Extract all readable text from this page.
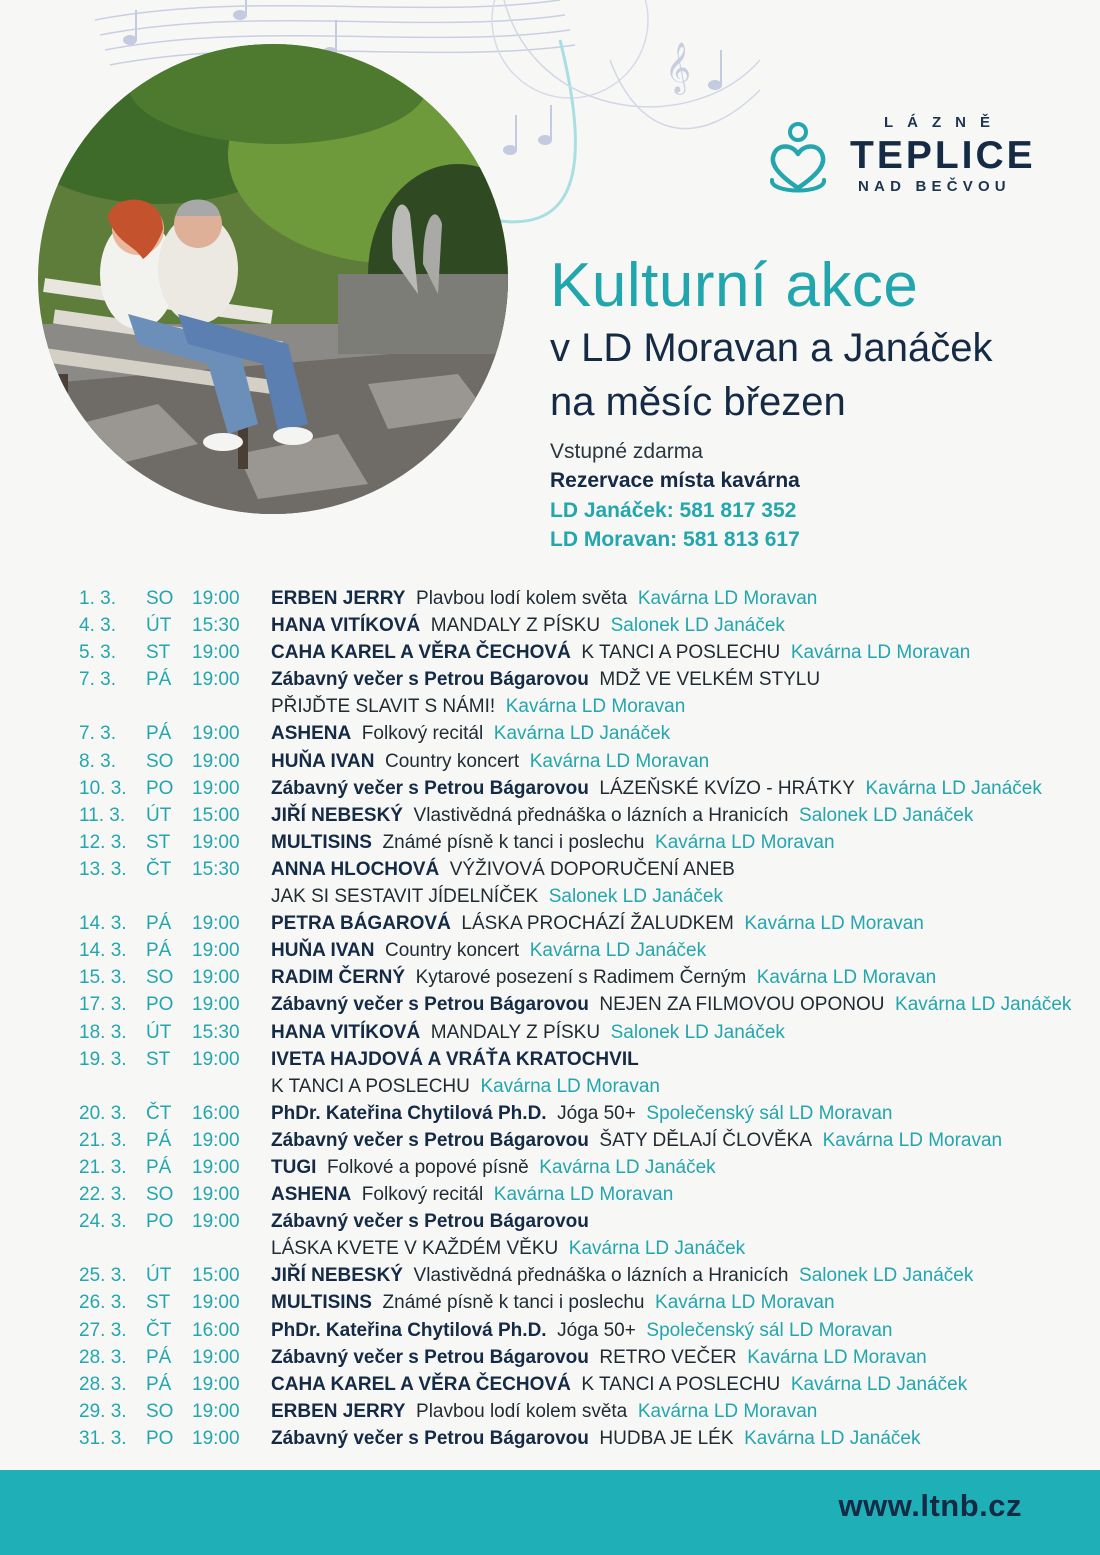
𝄞
LÁZNĚ
TEPLICE
NAD BEČVOU
Kulturní akce
v LD Moravan a Janáček
na měsíc březen
Vstupné zdarma
Rezervace místa kavárna
LD Janáček: 581 817 352
LD Moravan: 581 813 617
1. 3. SO 19:00 ERBEN JERRY Plavbou lodí kolem světa Kavárna LD Moravan
4. 3. ÚT 15:30 HANA VITÍKOVÁ MANDALY Z PÍSKU Salonek LD Janáček
5. 3. ST 19:00 CAHA KAREL A VĚRA ČECHOVÁ K TANCI A POSLECHU Kavárna LD Moravan
7. 3. PÁ 19:00 Zábavný večer s Petrou Bágarovou MDŽ VE VELKÉM STYLU
PŘIJĎTE SLAVIT S NÁMI! Kavárna LD Moravan
7. 3. PÁ 19:00 ASHENA Folkový recitál Kavárna LD Janáček
8. 3. SO 19:00 HUŇA IVAN Country koncert Kavárna LD Moravan
10. 3. PO 19:00 Zábavný večer s Petrou Bágarovou LÁZEŇSKÉ KVÍZO - HRÁTKY Kavárna LD Janáček
11. 3. ÚT 15:00 JIŘÍ NEBESKÝ Vlastivědná přednáška o lázních a Hranicích Salonek LD Janáček
12. 3. ST 19:00 MULTISINS Známé písně k tanci i poslechu Kavárna LD Moravan
13. 3. ČT 15:30 ANNA HLOCHOVÁ VÝŽIVOVÁ DOPORUČENÍ ANEB
JAK SI SESTAVIT JÍDELNÍČEK Salonek LD Janáček
14. 3. PÁ 19:00 PETRA BÁGAROVÁ LÁSKA PROCHÁZÍ ŽALUDKEM Kavárna LD Moravan
14. 3. PÁ 19:00 HUŇA IVAN Country koncert Kavárna LD Janáček
15. 3. SO 19:00 RADIM ČERNÝ Kytarové posezení s Radimem Černým Kavárna LD Moravan
17. 3. PO 19:00 Zábavný večer s Petrou Bágarovou NEJEN ZA FILMOVOU OPONOU Kavárna LD Janáček
18. 3. ÚT 15:30 HANA VITÍKOVÁ MANDALY Z PÍSKU Salonek LD Janáček
19. 3. ST 19:00 IVETA HAJDOVÁ A VRÁŤA KRATOCHVIL
K TANCI A POSLECHU Kavárna LD Moravan
20. 3. ČT 16:00 PhDr. Kateřina Chytilová Ph.D. Jóga 50+ Společenský sál LD Moravan
21. 3. PÁ 19:00 Zábavný večer s Petrou Bágarovou ŠATY DĚLAJÍ ČLOVĚKA Kavárna LD Moravan
21. 3. PÁ 19:00 TUGI Folkové a popové písně Kavárna LD Janáček
22. 3. SO 19:00 ASHENA Folkový recitál Kavárna LD Moravan
24. 3. PO 19:00 Zábavný večer s Petrou Bágarovou
LÁSKA KVETE V KAŽDÉM VĚKU Kavárna LD Janáček
25. 3. ÚT 15:00 JIŘÍ NEBESKÝ Vlastivědná přednáška o lázních a Hranicích Salonek LD Janáček
26. 3. ST 19:00 MULTISINS Známé písně k tanci i poslechu Kavárna LD Moravan
27. 3. ČT 16:00 PhDr. Kateřina Chytilová Ph.D. Jóga 50+ Společenský sál LD Moravan
28. 3. PÁ 19:00 Zábavný večer s Petrou Bágarovou RETRO VEČER Kavárna LD Moravan
28. 3. PÁ 19:00 CAHA KAREL A VĚRA ČECHOVÁ K TANCI A POSLECHU Kavárna LD Janáček
29. 3. SO 19:00 ERBEN JERRY Plavbou lodí kolem světa Kavárna LD Moravan
31. 3. PO 19:00 Zábavný večer s Petrou Bágarovou HUDBA JE LÉK Kavárna LD Janáček
www.ltnb.cz
